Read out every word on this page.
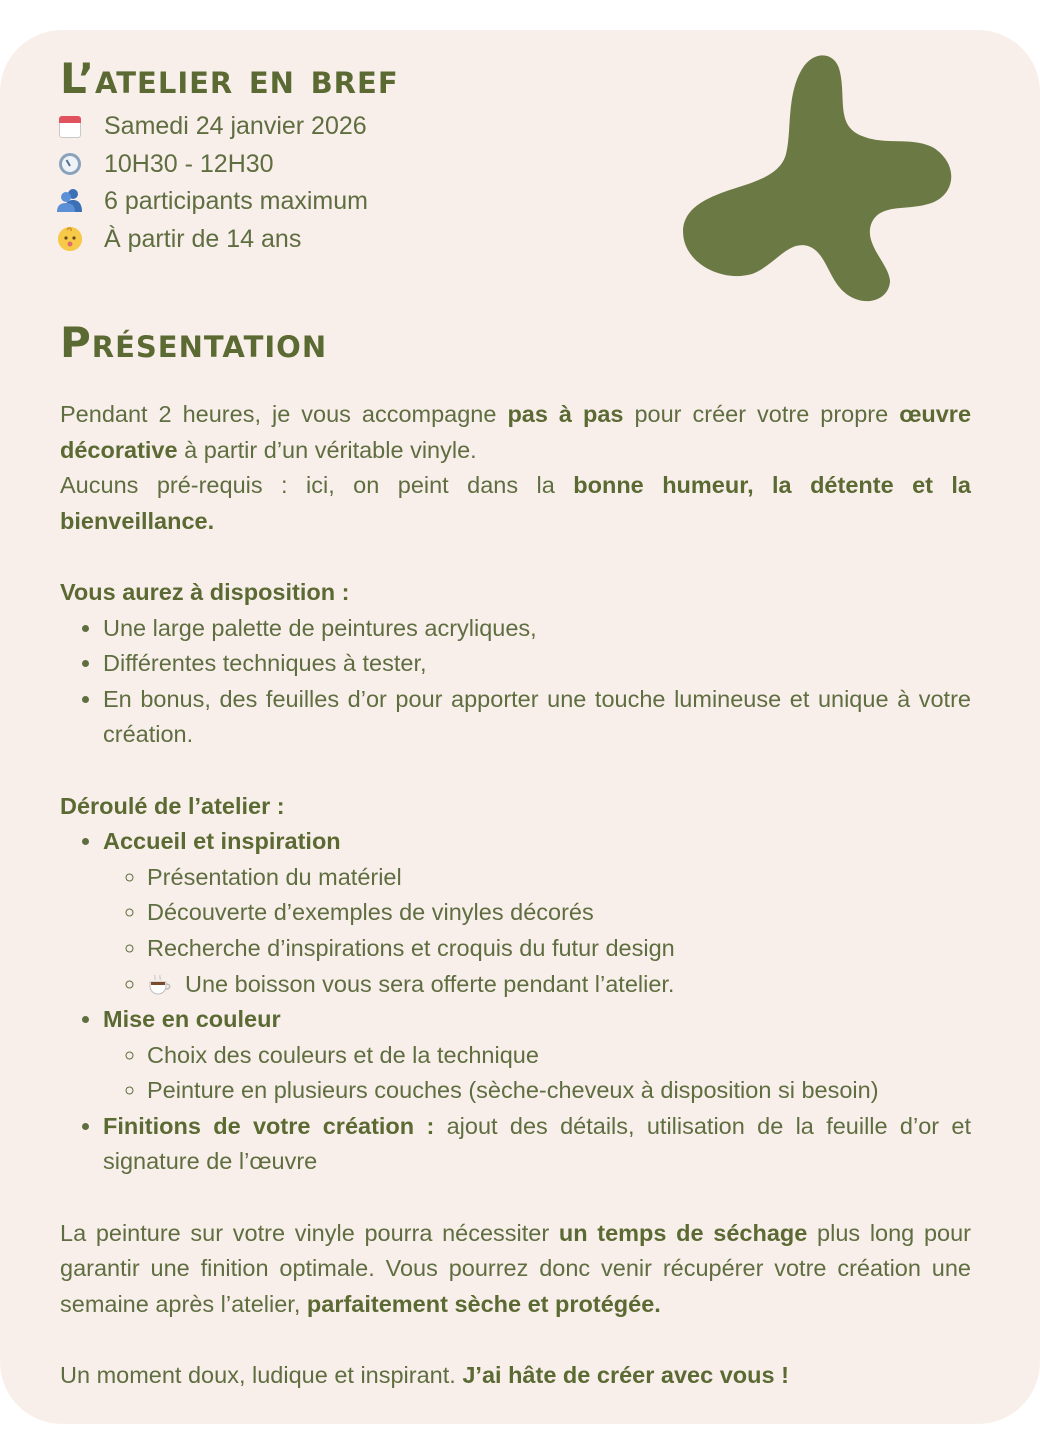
L’atelier en bref
Samedi 24 janvier 2026
10H30 - 12H30
6 participants maximum
À partir de 14 ans
Présentation

Pendant 2 heures, je vous accompagne pas à pas pour créer votre propre œuvre décorative à partir d’un véritable vinyle.

Aucuns pré-requis : ici, on peint dans la bonne humeur, la détente et la bienveillance.

Vous aurez à disposition :

• Une large palette de peintures acryliques,
• Différentes techniques à tester,
• En bonus, des feuilles d’or pour apporter une touche lumineuse et unique à votre création.

Déroulé de l’atelier :

• Accueil et inspiration
◦ Présentation du matériel
◦ Découverte d’exemples de vinyles décorés
◦ Recherche d’inspirations et croquis du futur design
◦ Une boisson vous sera offerte pendant l’atelier.
• Mise en couleur
◦ Choix des couleurs et de la technique
◦ Peinture en plusieurs couches (sèche-cheveux à disposition si besoin)
• Finitions de votre création : ajout des détails, utilisation de la feuille d’or et signature de l’œuvre

La peinture sur votre vinyle pourra nécessiter un temps de séchage plus long pour garantir une finition optimale. Vous pourrez donc venir récupérer votre création une semaine après l’atelier, parfaitement sèche et protégée.

Un moment doux, ludique et inspirant. J’ai hâte de créer avec vous !
